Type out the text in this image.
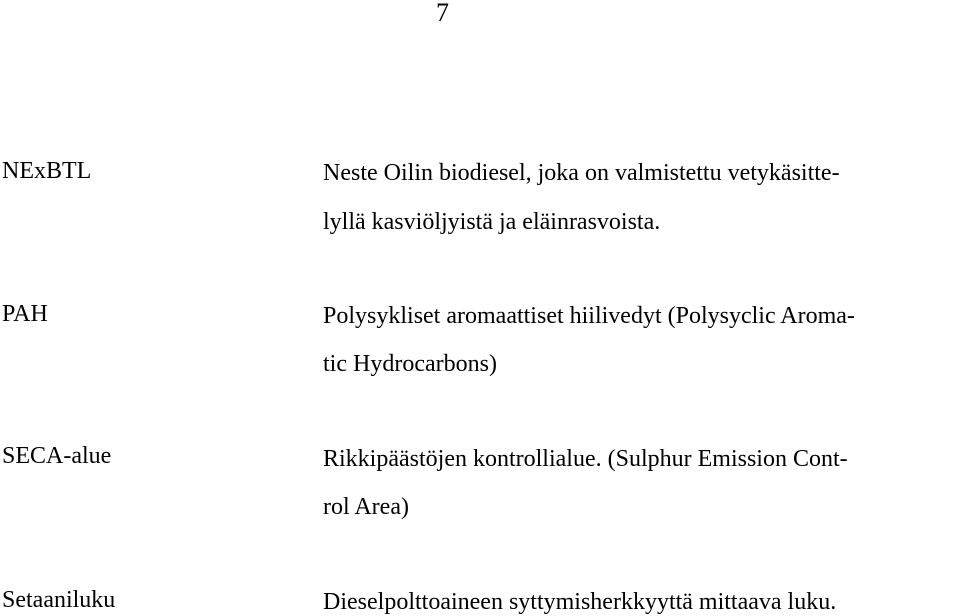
7
NExBTL	Neste Oilin biodiesel, joka on valmistettu vetykäsitte-
lyllä kasviöljyistä ja eläinrasvoista.
PAH	Polysykliset aromaattiset hiilivedyt (Polysyclic Aroma-
tic Hydrocarbons)
SECA-alue	Rikkipäästöjen kontrollialue. (Sulphur Emission Cont-
rol Area)
Setaaniluku	Dieselpolttoaineen syttymisherkkyyttä mittaava luku.
